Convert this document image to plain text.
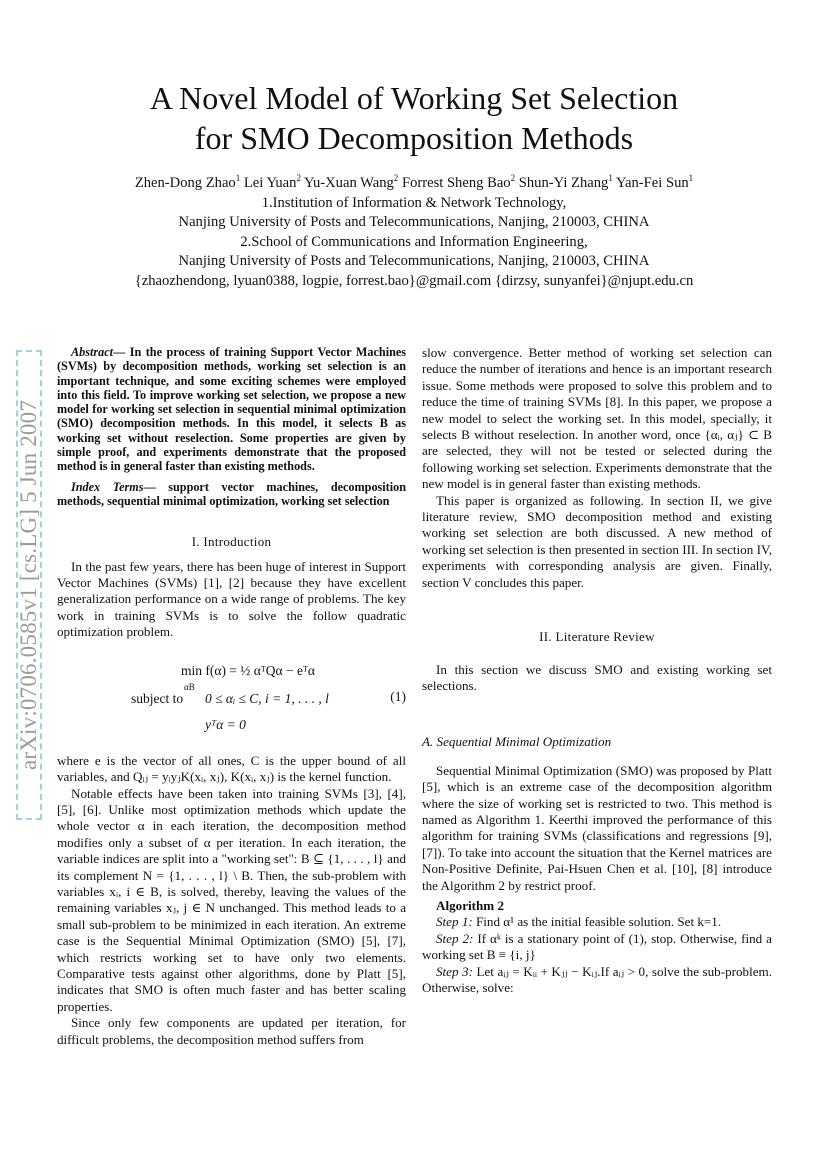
A Novel Model of Working Set Selection
for SMO Decomposition Methods
Zhen-Dong Zhao$^1$ Lei Yuan$^2$ Yu-Xuan Wang$^2$ Forrest Sheng Bao$^2$ Shun-Yi Zhang$^1$ Yan-Fei Sun$^1$
1.Institution of Information & Network Technology,
Nanjing University of Posts and Telecommunications, Nanjing, 210003, CHINA
2.School of Communications and Information Engineering,
Nanjing University of Posts and Telecommunications, Nanjing, 210003, CHINA
{zhaozhendong, lyuan0388, logpie, forrest.bao}@gmail.com {dirzsy, sunyanfei}@njupt.edu.cn
arXiv:0706.0585v1 [cs.LG] 5 Jun 2007

Abstract— In the process of training Support Vector Machines (SVMs) by decomposition methods, working set selection is an important technique, and some exciting schemes were employed into this field. To improve working set selection, we propose a new model for working set selection in sequential minimal optimization (SMO) decomposition methods. In this model, it selects B as working set without reselection. Some properties are given by simple proof, and experiments demonstrate that the proposed method is in general faster than existing methods.

Index Terms— support vector machines, decomposition methods, sequential minimal optimization, working set selection

I. Introduction

In the past few years, there has been huge of interest in Support Vector Machines (SVMs) [1], [2] because they have excellent generalization performance on a wide range of problems. The key work in training SVMs is to solve the follow quadratic optimization problem.

min f(α) = ½ αᵀQα − eᵀα
αB
subject to 0 ≤ αᵢ ≤ C, i = 1, . . . , l	(1)
yᵀα = 0

where e is the vector of all ones, C is the upper bound of all variables, and Qᵢⱼ = yᵢyⱼK(xᵢ, xⱼ), K(xᵢ, xⱼ) is the kernel function.

Notable effects have been taken into training SVMs [3], [4], [5], [6]. Unlike most optimization methods which update the whole vector α in each iteration, the decomposition method modifies only a subset of α per iteration. In each iteration, the variable indices are split into a "working set": B ⊆ {1, . . . , l} and its complement N = {1, . . . , l} \ B. Then, the sub-problem with variables xᵢ, i ∈ B, is solved, thereby, leaving the values of the remaining variables xⱼ, j ∈ N unchanged. This method leads to a small sub-problem to be minimized in each iteration. An extreme case is the Sequential Minimal Optimization (SMO) [5], [7], which restricts working set to have only two elements. Comparative tests against other algorithms, done by Platt [5], indicates that SMO is often much faster and has better scaling properties.

Since only few components are updated per iteration, for difficult problems, the decomposition method suffers from

slow convergence. Better method of working set selection can reduce the number of iterations and hence is an important research issue. Some methods were proposed to solve this problem and to reduce the time of training SVMs [8]. In this paper, we propose a new model to select the working set. In this model, specially, it selects B without reselection. In another word, once {αᵢ, αⱼ} ⊂ B are selected, they will not be tested or selected during the following working set selection. Experiments demonstrate that the new model is in general faster than existing methods.

This paper is organized as following. In section II, we give literature review, SMO decomposition method and existing working set selection are both discussed. A new method of working set selection is then presented in section III. In section IV, experiments with corresponding analysis are given. Finally, section V concludes this paper.

II. Literature Review

In this section we discuss SMO and existing working set selections.

A. Sequential Minimal Optimization

Sequential Minimal Optimization (SMO) was proposed by Platt [5], which is an extreme case of the decomposition algorithm where the size of working set is restricted to two. This method is named as Algorithm 1. Keerthi improved the performance of this algorithm for training SVMs (classifications and regressions [9], [7]). To take into account the situation that the Kernel matrices are Non-Positive Definite, Pai-Hsuen Chen et al. [10], [8] introduce the Algorithm 2 by restrict proof.

Algorithm 2

Step 1: Find α¹ as the initial feasible solution. Set k=1.

Step 2: If αᵏ is a stationary point of (1), stop. Otherwise, find a working set B ≡ {i, j}

Step 3: Let aᵢⱼ = Kᵢᵢ + Kⱼⱼ − Kᵢⱼ.If aᵢⱼ > 0, solve the sub-problem. Otherwise, solve:
